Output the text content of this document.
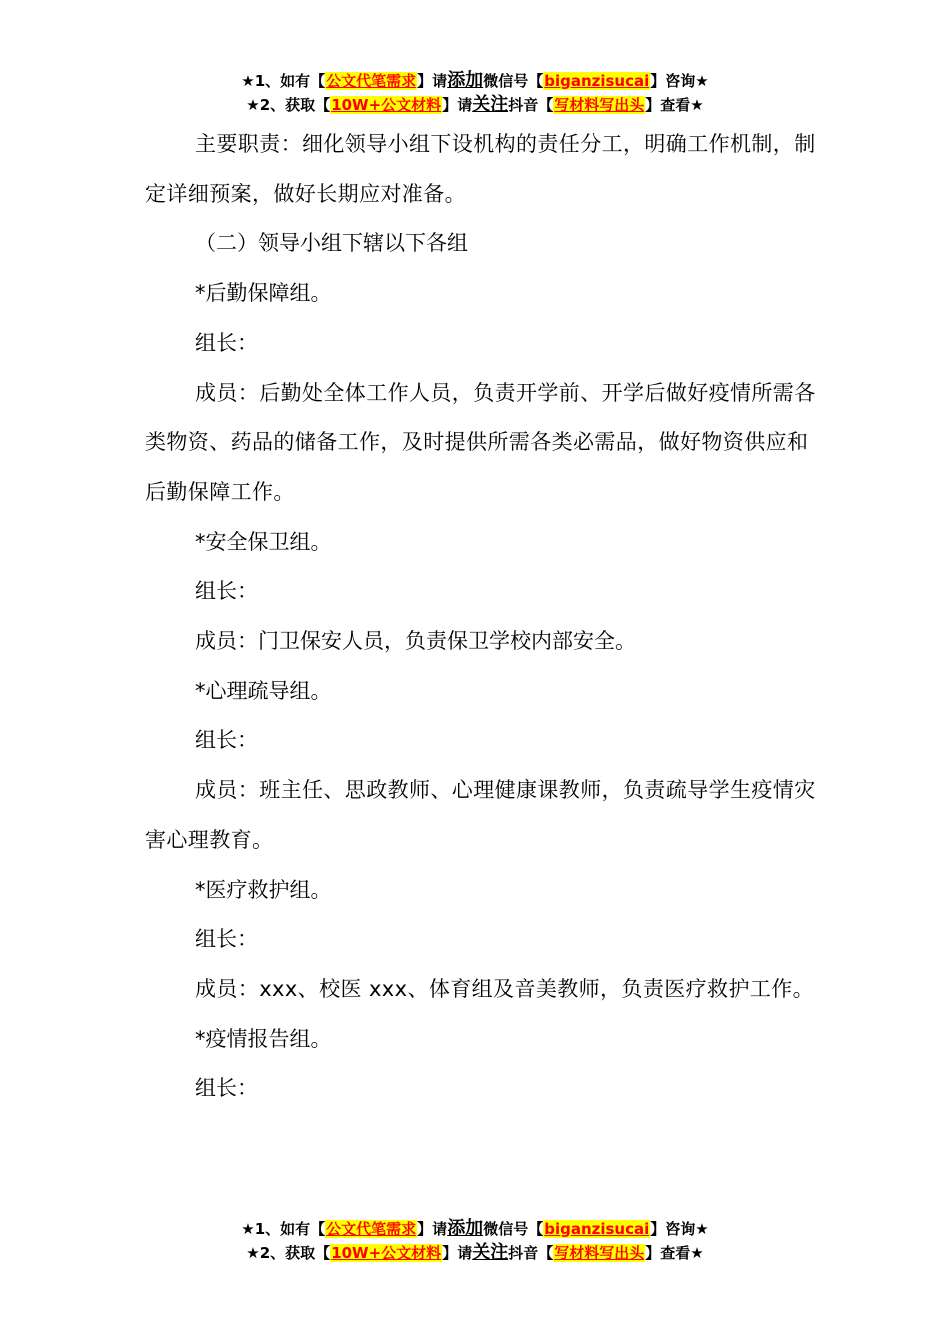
★1、如有【公文代笔需求】请添加微信号【biganzisucai】咨询★
★2、获取【10W+公文材料】请关注抖音【写材料写出头】查看★

主要职责：细化领导小组下设机构的责任分工，明确工作机制，制定详细预案，做好长期应对准备。

（二）领导小组下辖以下各组

*后勤保障组。

组长：

成员：后勤处全体工作人员，负责开学前、开学后做好疫情所需各类物资、药品的储备工作，及时提供所需各类必需品，做好物资供应和后勤保障工作。

*安全保卫组。

组长：

成员：门卫保安人员，负责保卫学校内部安全。

*心理疏导组。

组长：

成员：班主任、思政教师、心理健康课教师，负责疏导学生疫情灾害心理教育。

*医疗救护组。

组长：

成员：xxx、校医 xxx、体育组及音美教师，负责医疗救护工作。

*疫情报告组。

组长：

★1、如有【公文代笔需求】请添加微信号【biganzisucai】咨询★
★2、获取【10W+公文材料】请关注抖音【写材料写出头】查看★
